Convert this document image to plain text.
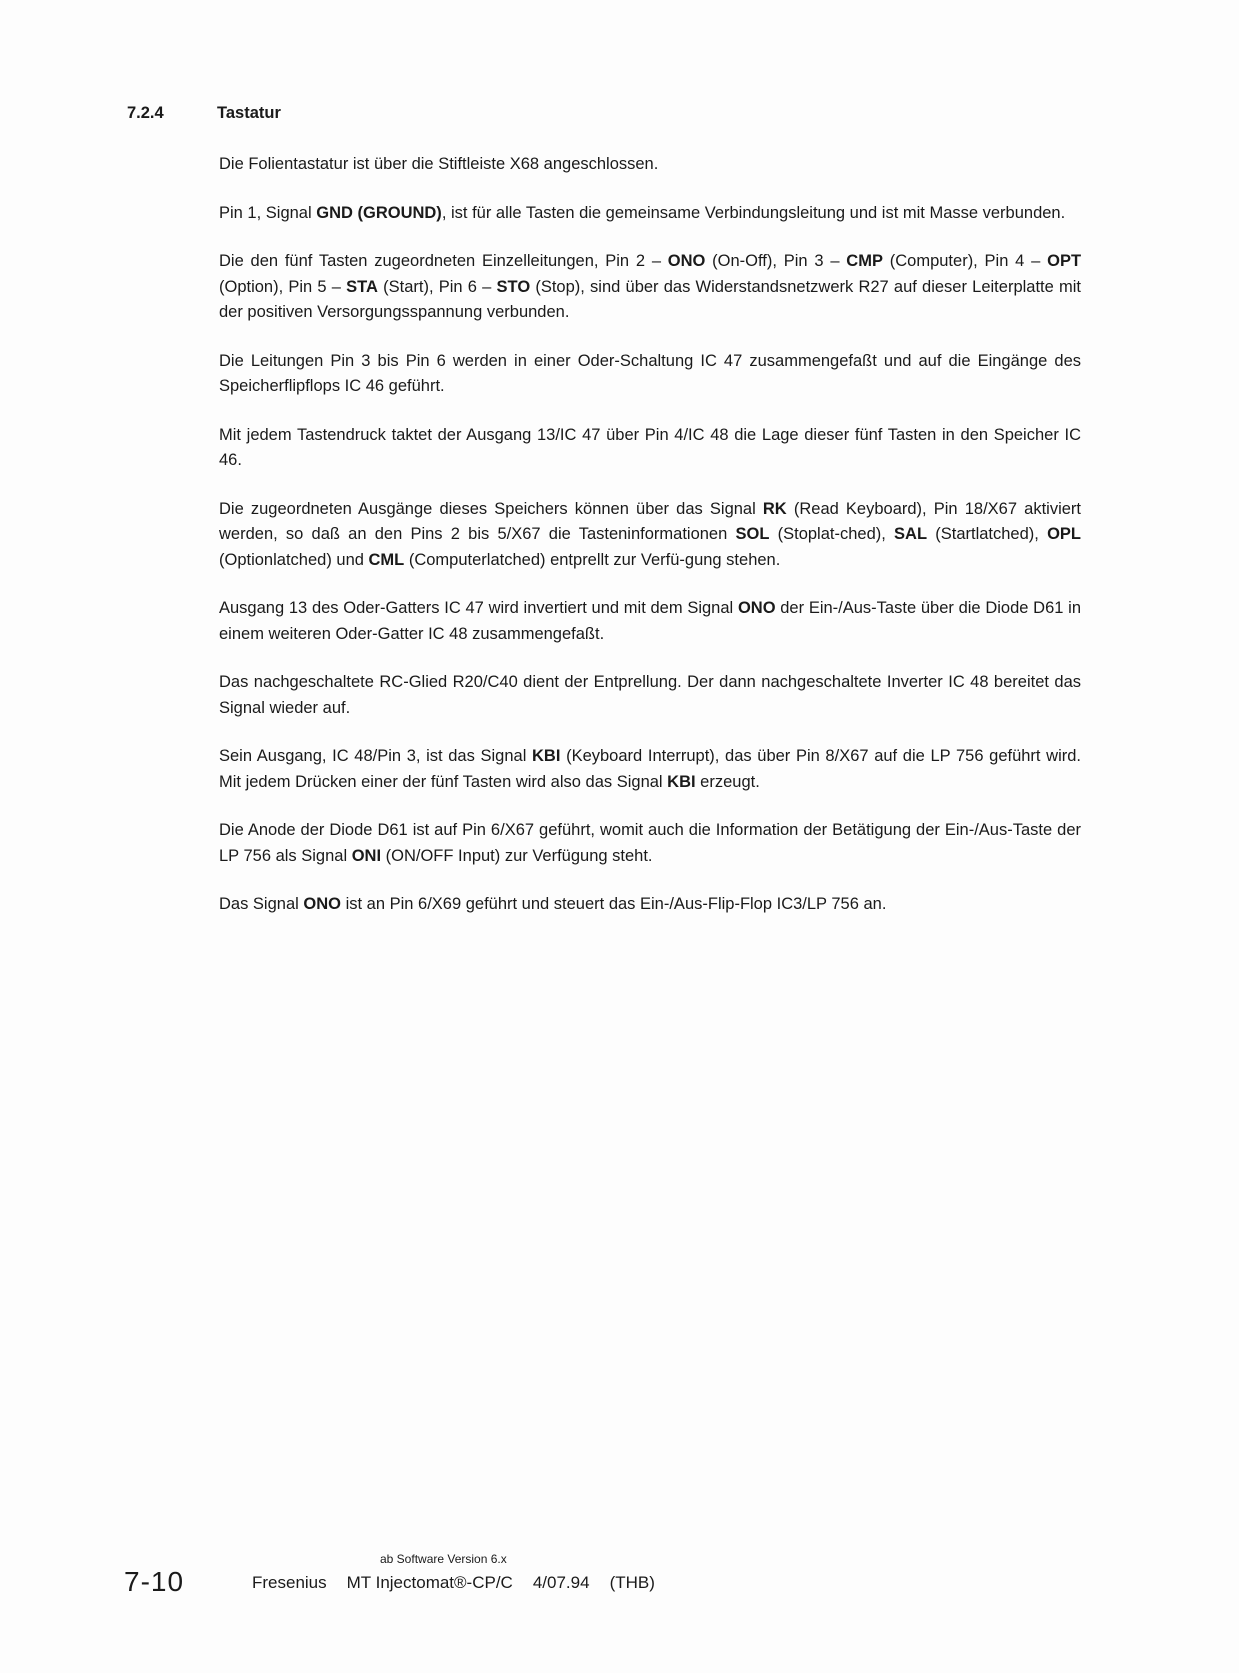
7.2.4	Tastatur

Die Folientastatur ist über die Stiftleiste X68 angeschlossen.

Pin 1, Signal GND (GROUND), ist für alle Tasten die gemeinsame Verbindungsleitung und ist mit Masse verbunden.

Die den fünf Tasten zugeordneten Einzelleitungen, Pin 2 – ONO (On-Off), Pin 3 – CMP (Computer), Pin 4 – OPT (Option), Pin 5 – STA (Start), Pin 6 – STO (Stop), sind über das Widerstandsnetzwerk R27 auf dieser Leiterplatte mit der positiven Versorgungsspannung verbunden.

Die Leitungen Pin 3 bis Pin 6 werden in einer Oder-Schaltung IC 47 zusammengefaßt und auf die Eingänge des Speicherflipflops IC 46 geführt.

Mit jedem Tastendruck taktet der Ausgang 13/IC 47 über Pin 4/IC 48 die Lage dieser fünf Tasten in den Speicher IC 46.

Die zugeordneten Ausgänge dieses Speichers können über das Signal RK (Read Keyboard), Pin 18/X67 aktiviert werden, so daß an den Pins 2 bis 5/X67 die Tasteninformationen SOL (Stoplat-ched), SAL (Startlatched), OPL (Optionlatched) und CML (Computerlatched) entprellt zur Verfü-gung stehen.

Ausgang 13 des Oder-Gatters IC 47 wird invertiert und mit dem Signal ONO der Ein-/Aus-Taste über die Diode D61 in einem weiteren Oder-Gatter IC 48 zusammengefaßt.

Das nachgeschaltete RC-Glied R20/C40 dient der Entprellung. Der dann nachgeschaltete Inverter IC 48 bereitet das Signal wieder auf.

Sein Ausgang, IC 48/Pin 3, ist das Signal KBI (Keyboard Interrupt), das über Pin 8/X67 auf die LP 756 geführt wird. Mit jedem Drücken einer der fünf Tasten wird also das Signal KBI erzeugt.

Die Anode der Diode D61 ist auf Pin 6/X67 geführt, womit auch die Information der Betätigung der Ein-/Aus-Taste der LP 756 als Signal ONI (ON/OFF Input) zur Verfügung steht.

Das Signal ONO ist an Pin 6/X69 geführt und steuert das Ein-/Aus-Flip-Flop IC3/LP 756 an.

ab Software Version 6.x
7-10	Fresenius MT Injectomat®-CP/C 4/07.94 (THB)
